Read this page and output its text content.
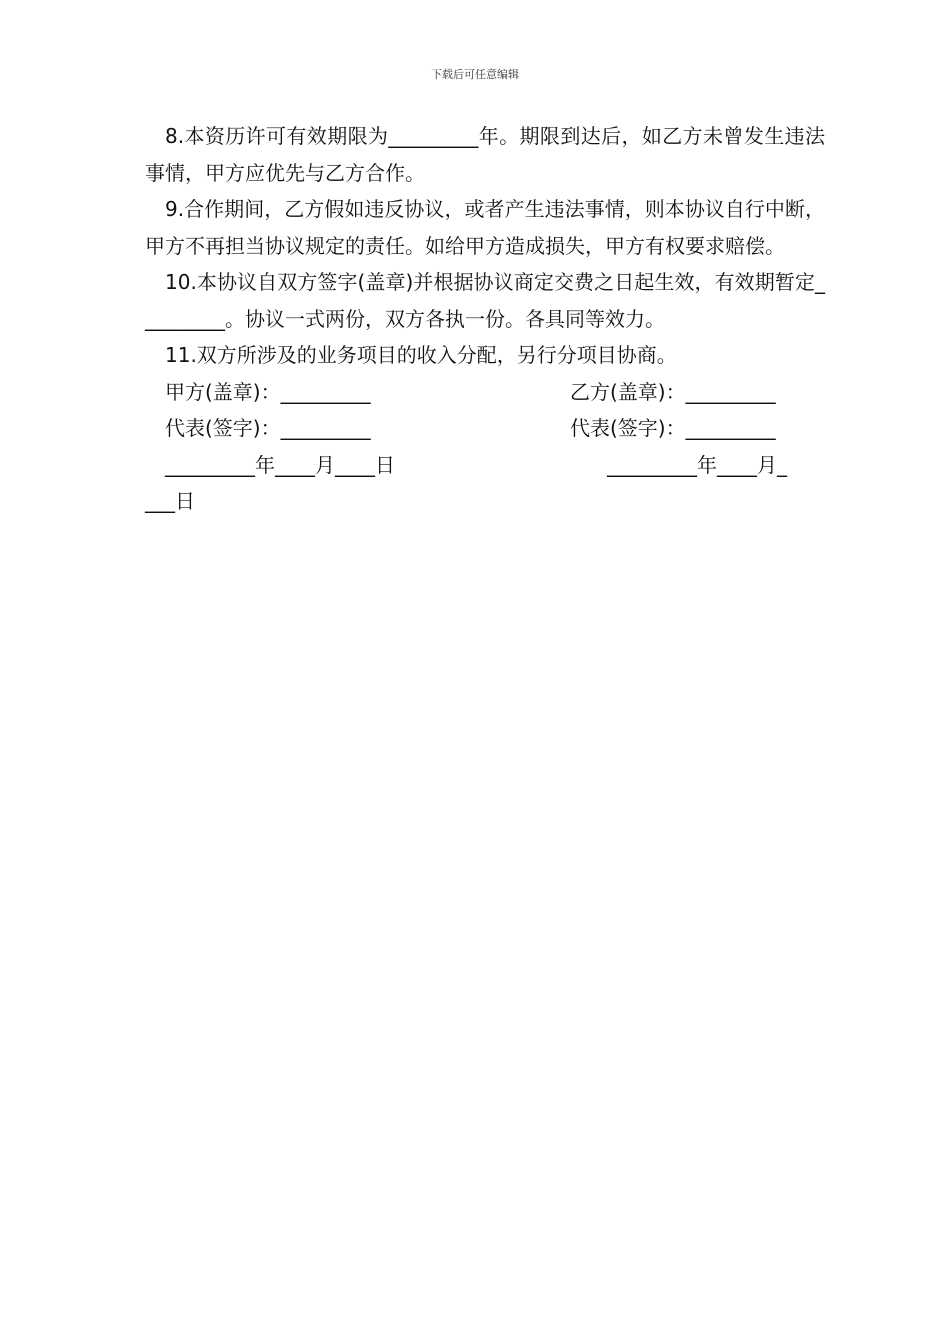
下载后可任意编辑

8.本资历许可有效期限为_________年。期限到达后，如乙方未曾发生违法事情，甲方应优先与乙方合作。

9.合作期间，乙方假如违反协议，或者产生违法事情，则本协议自行中断，甲方不再担当协议规定的责任。如给甲方造成损失，甲方有权要求赔偿。

10.本协议自双方签字(盖章)并根据协议商定交费之日起生效，有效期暂定_________。协议一式两份，双方各执一份。各具同等效力。

11.双方所涉及的业务项目的收入分配，另行分项目协商。

甲方(盖章)：_________	乙方(盖章)：_________
代表(签字)：_________	代表(签字)：_________
_________年____月____日	_________年____月_
___日
